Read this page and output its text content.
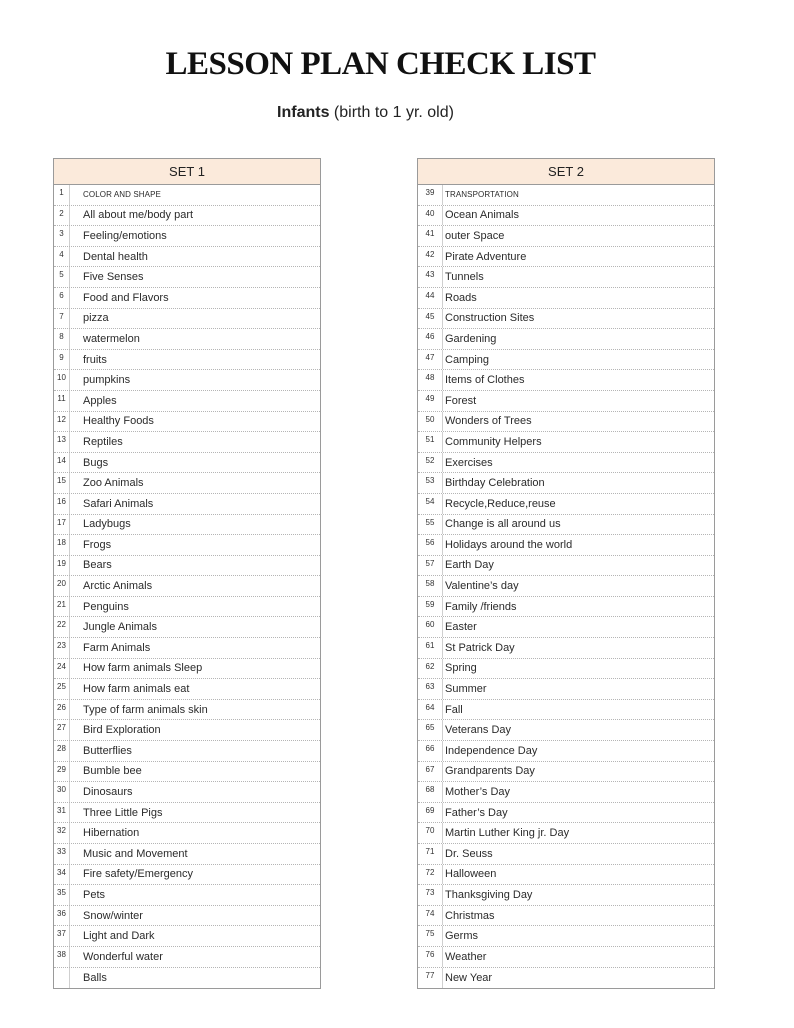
LESSON PLAN CHECK LIST
Infants (birth to 1 yr. old)
SET 1
1	COLOR AND SHAPE
2	All about me/body part
3	Feeling/emotions
4	Dental health
5	Five Senses
6	Food and Flavors
7	pizza
8	watermelon
9	fruits
10	pumpkins
11	Apples
12	Healthy Foods
13	Reptiles
14	Bugs
15	Zoo Animals
16	Safari Animals
17	Ladybugs
18	Frogs
19	Bears
20	Arctic Animals
21	Penguins
22	Jungle Animals
23	Farm Animals
24	How farm animals Sleep
25	How farm animals eat
26	Type of farm animals skin
27	Bird Exploration
28	Butterflies
29	Bumble bee
30	Dinosaurs
31	Three Little Pigs
32	Hibernation
33	Music and Movement
34	Fire safety/Emergency
35	Pets
36	Snow/winter
37	Light and Dark
38	Wonderful water
Balls
SET 2
39	TRANSPORTATION
40 Ocean Animals
41 outer Space
42 Pirate Adventure
43 Tunnels
44 Roads
45 Construction Sites
46 Gardening
47 Camping
48 Items of Clothes
49 Forest
50 Wonders of Trees
51 Community Helpers
52 Exercises
53 Birthday Celebration
54 Recycle,Reduce,reuse
55 Change is all around us
56 Holidays around the world
57 Earth Day
58 Valentine’s day
59 Family /friends
60 Easter
61 St Patrick Day
62 Spring
63 Summer
64 Fall
65 Veterans Day
66 Independence Day
67 Grandparents Day
68 Mother’s Day
69 Father’s Day
70 Martin Luther King jr. Day
71 Dr. Seuss
72 Halloween
73 Thanksgiving Day
74 Christmas
75 Germs
76 Weather
77 New Year
